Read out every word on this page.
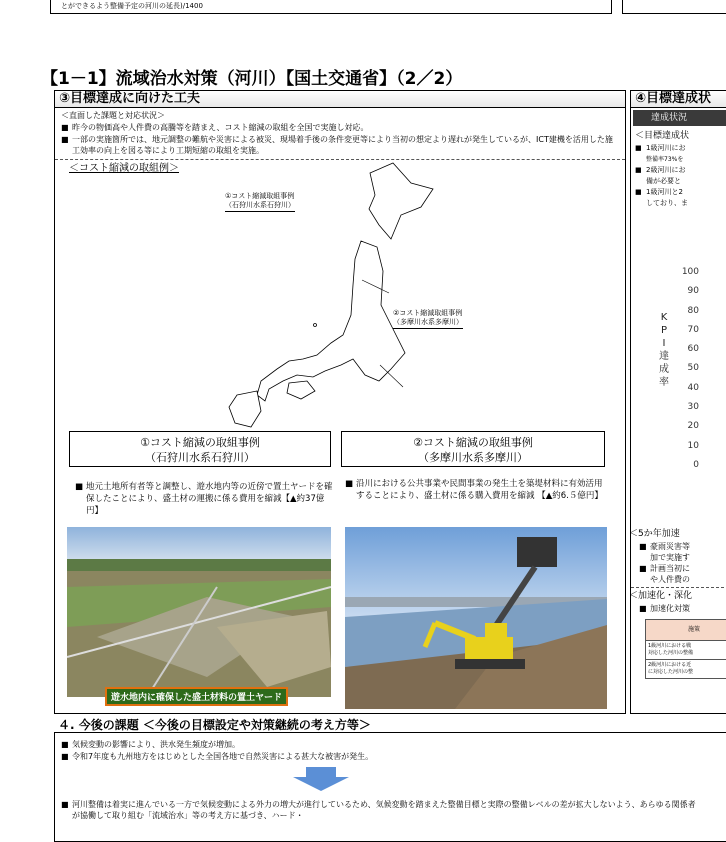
とができるよう整備予定の河川の延長)/1400
【1－1】流域治水対策（河川）【国土交通省】（2／2）
③目標達成に向けた工夫
＜直面した課題と対応状況＞
■ 昨今の物価高や人件費の高騰等を踏まえ、コスト縮減の取組を全国で実施し対応。
■ 一部の実施箇所では、地元調整の難航や災害による被災、現場着手後の条件変更等により当初の想定より遅れが発生しているが、ICT建機を活用した施工効率の向上を図る等により工期短縮の取組を実施。
＜コスト縮減の取組例＞
①コスト縮減取組事例
（石狩川水系石狩川）
②コスト縮減取組事例
（多摩川水系多摩川）
①コスト縮減の取組事例
（石狩川水系石狩川）
②コスト縮減の取組事例
（多摩川水系多摩川）
■ 地元土地所有者等と調整し、遊水地内等の近傍で置土ヤードを確保したことにより、盛土材の運搬に係る費用を縮減【▲約37億円】
■ 沿川における公共事業や民間事業の発生土を築堤材料に有効活用することにより、盛土材に係る購入費用を縮減 【▲約6.５億円】
遊水地内に確保した盛土材料の置土ヤード
④目標達成状
達成状況
＜目標達成状
■ 1級河川にお
整備率73%を
■ 2級河川にお
備が必要と
■ 1級河川と2
しており、ま
K
P
I
達
成
率
100
90
80
70
60
50
40
30
20
10
0
＜5か年加速
■ 豪雨災害等
加で実施す
■ 計画当初に
や人件費の
＜加速化・深化
■ 加速化対策
施策
1級河川における戦
対応した河川の整備
2級河川における近
に対応した河川の整
４. 今後の課題 ＜今後の目標設定や対策継続の考え方等＞
■ 気候変動の影響により、洪水発生頻度が増加。
■ 令和7年度も九州地方をはじめとした全国各地で自然災害による甚大な被害が発生。
■ 河川整備は着実に進んでいる一方で気候変動による外力の増大が進行しているため、気候変動を踏まえた整備目標と実際の整備レベルの差が拡大しないよう、あらゆる関係者が協働して取り組む「流域治水」等の考え方に基づき、ハード・
